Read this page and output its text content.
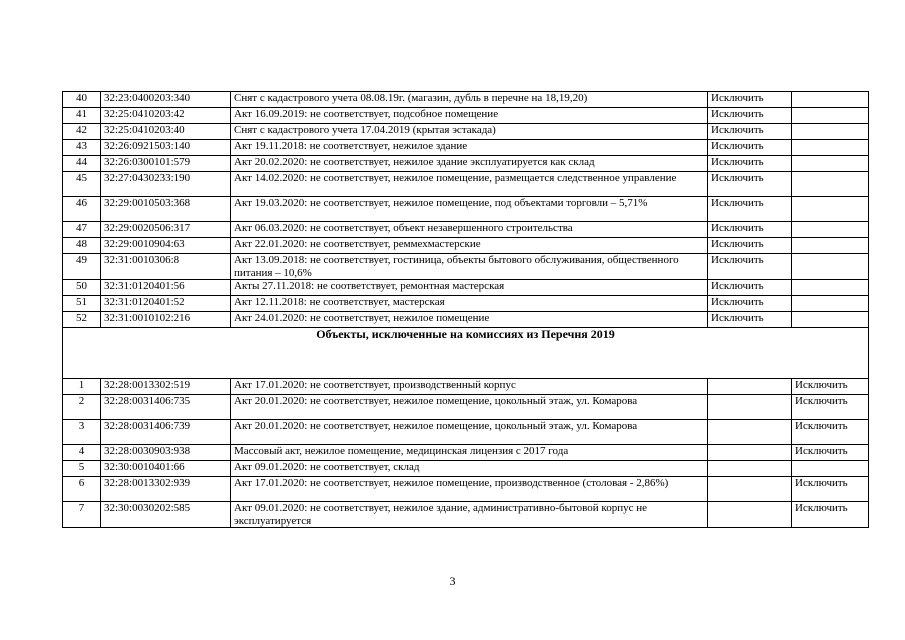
40	32:23:0400203:340	Снят с кадастрового учета 08.08.19г. (магазин, дубль в перечне на 18,19,20)	Исключить	
41	32:25:0410203:42	Акт 16.09.2019: не соответствует, подсобное помещение	Исключить	
42	32:25:0410203:40	Снят с кадастрового учета 17.04.2019 (крытая эстакада)	Исключить	
43	32:26:0921503:140	Акт 19.11.2018: не соответствует, нежилое здание	Исключить	
44	32:26:0300101:579	Акт 20.02.2020: не соответствует, нежилое здание эксплуатируется как склад	Исключить	
45	32:27:0430233:190	Акт 14.02.2020: не соответствует, нежилое помещение, размещается следственное управление	Исключить	
46	32:29:0010503:368	Акт 19.03.2020: не соответствует, нежилое помещение, под объектами торговли – 5,71%	Исключить	
47	32:29:0020506:317	Акт 06.03.2020: не соответствует, объект незавершенного строительства	Исключить	
48	32:29:0010904:63	Акт 22.01.2020: не соответствует, реммехмастерские	Исключить	
49	32:31:0010306:8	Акт 13.09.2018: не соответствует, гостиница, объекты бытового обслуживания, общественного питания – 10,6%	Исключить	
50	32:31:0120401:56	Акты 27.11.2018: не соответствует, ремонтная мастерская	Исключить	
51	32:31:0120401:52	Акт 12.11.2018: не соответствует, мастерская	Исключить	
52	32:31:0010102:216	Акт 24.01.2020: не соответствует, нежилое помещение	Исключить	
Объекты, исключенные на комиссиях из Перечня 2019				
1	32:28:0013302:519	Акт 17.01.2020: не соответствует, производственный корпус		Исключить
2	32:28:0031406:735	Акт 20.01.2020: не соответствует, нежилое помещение, цокольный этаж, ул. Комарова		Исключить
3	32:28:0031406:739	Акт 20.01.2020: не соответствует, нежилое помещение, цокольный этаж, ул. Комарова		Исключить
4	32:28:0030903:938	Массовый акт, нежилое помещение, медицинская лицензия с 2017 года		Исключить
5	32:30:0010401:66	Акт 09.01.2020: не соответствует, склад		
6	32:28:0013302:939	Акт 17.01.2020: не соответствует, нежилое помещение, производственное (столовая - 2,86%)		Исключить
7	32:30:0030202:585	Акт 09.01.2020: не соответствует, нежилое здание, административно-бытовой корпус не эксплуатируется		Исключить
3
